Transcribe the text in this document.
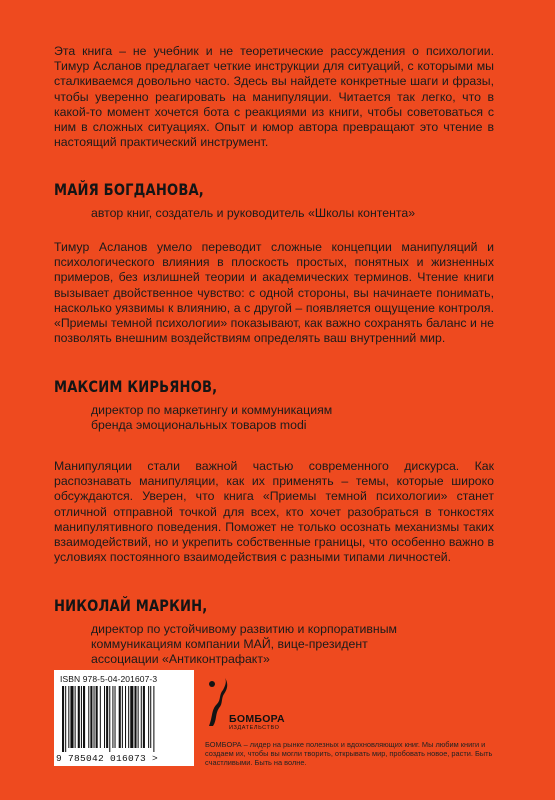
Эта книга – не учебник и не теоретические рассуждения о психологии. Тимур Асланов предлагает четкие инструкции для ситуаций, с которыми мы сталкиваемся довольно часто. Здесь вы найдете конкретные шаги и фразы, чтобы уверенно реагировать на манипуляции. Читается так легко, что в какой-то момент хочется бота с реакциями из книги, чтобы советоваться с ним в сложных ситуациях. Опыт и юмор автора превращают это чтение в настоящий практический инструмент.
МАЙЯ БОГДАНОВА,
автор книг, создатель и руководитель «Школы контента»
Тимур Асланов умело переводит сложные концепции манипуляций и психологического влияния в плоскость простых, понятных и жизненных примеров, без излишней теории и академических терминов. Чтение книги вызывает двойственное чувство: с одной стороны, вы начинаете понимать, насколько уязвимы к влиянию, а с другой – появляется ощущение контроля. «Приемы темной психологии» показывают, как важно сохранять баланс и не позволять внешним воздействиям определять ваш внутренний мир.
МАКСИМ КИРЬЯНОВ,
директор по маркетингу и коммуникациям бренда эмоциональных товаров modi
Манипуляции стали важной частью современного дискурса. Как распознавать манипуляции, как их применять – темы, которые широко обсуждаются. Уверен, что книга «Приемы темной психологии» станет отличной отправной точкой для всех, кто хочет разобраться в тонкостях манипулятивного поведения. Поможет не только осознать механизмы таких взаимодействий, но и укрепить собственные границы, что особенно важно в условиях постоянного взаимодействия с разными типами личностей.
НИКОЛАЙ МАРКИН,
директор по устойчивому развитию и корпоративным коммуникациям компании МАЙ, вице-президент ассоциации «Антиконтрафакт»
ISBN 978-5-04-201607-3
9 785042 016073 >
БОМБОРА
ИЗДАТЕЛЬСТВО
БОМБОРА – лидер на рынке полезных и вдохновляющих книг. Мы любим книги и создаем их, чтобы вы могли творить, открывать мир, пробовать новое, расти. Быть счастливыми. Быть на волне.
